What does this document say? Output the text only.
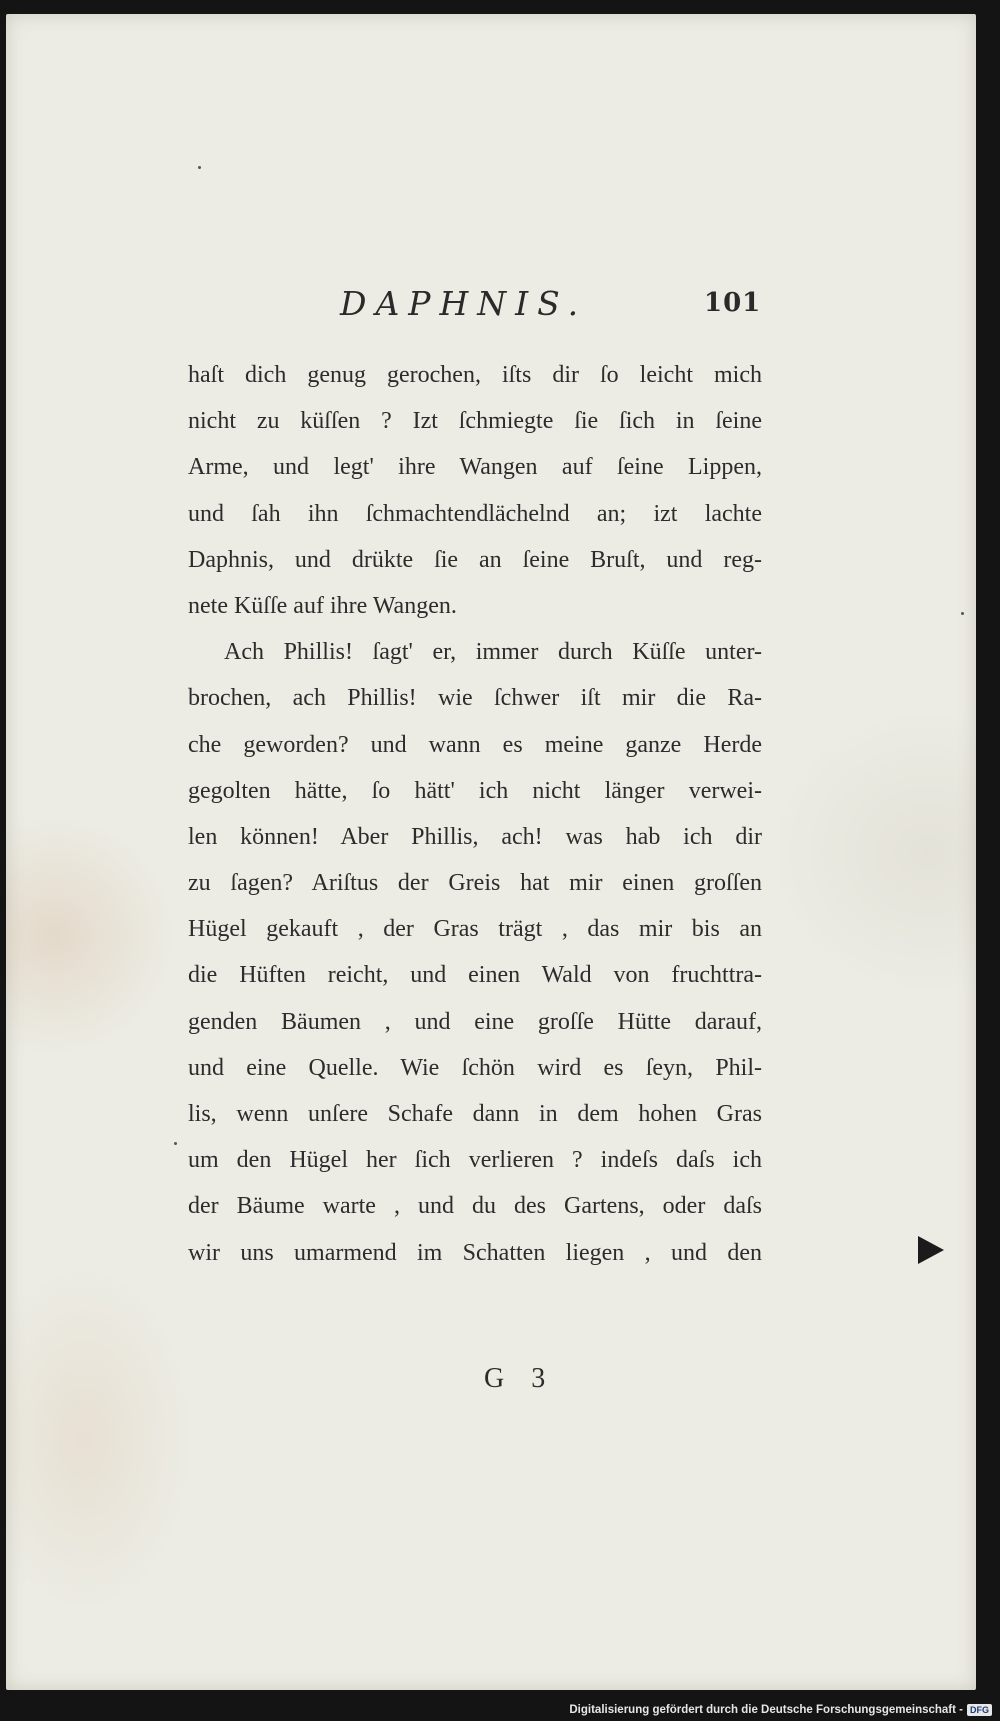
DAPHNIS.	101
haſt dich genug gerochen, iſts dir ſo leicht mich
nicht zu küſſen ? Izt ſchmiegte ſie ſich in ſeine
Arme, und legt' ihre Wangen auf ſeine Lippen,
und ſah ihn ſchmachtendlächelnd an; izt lachte
Daphnis, und drükte ſie an ſeine Bruſt, und reg-
nete Küſſe auf ihre Wangen.
Ach Phillis! ſagt' er, immer durch Küſſe unter-
brochen, ach Phillis! wie ſchwer iſt mir die Ra-
che geworden? und wann es meine ganze Herde
gegolten hätte, ſo hätt' ich nicht länger verwei-
len können! Aber Phillis, ach! was hab ich dir
zu ſagen? Ariſtus der Greis hat mir einen groſſen
Hügel gekauft , der Gras trägt , das mir bis an
die Hüften reicht, und einen Wald von fruchttra-
genden Bäumen , und eine groſſe Hütte darauf,
und eine Quelle. Wie ſchön wird es ſeyn, Phil-
lis, wenn unſere Schafe dann in dem hohen Gras
um den Hügel her ſich verlieren ? indeſs daſs ich
der Bäume warte , und du des Gartens, oder daſs
wir uns umarmend im Schatten liegen , und den
G 3
Digitalisierung gefördert durch die Deutsche Forschungsgemeinschaft - DFG
